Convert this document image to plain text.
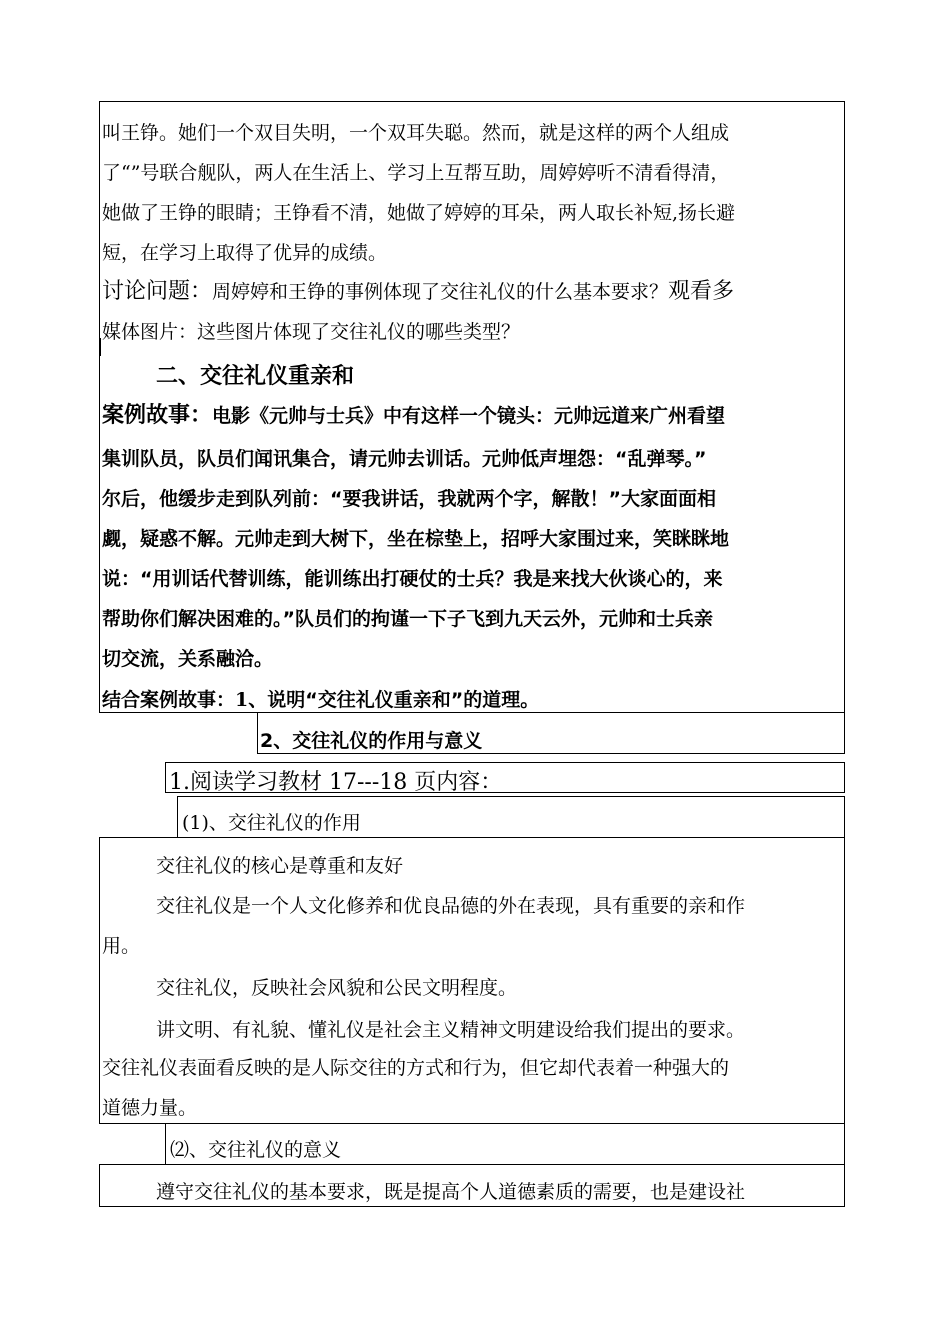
叫王铮。她们一个双目失明，一个双耳失聪。然而，就是这样的两个人组成
了“”号联合舰队，两人在生活上、学习上互帮互助，周婷婷听不清看得清，
她做了王铮的眼睛；王铮看不清，她做了婷婷的耳朵，两人取长补短,扬长避
短，在学习上取得了优异的成绩。
讨论问题：周婷婷和王铮的事例体现了交往礼仪的什么基本要求？观看多
媒体图片：这些图片体现了交往礼仪的哪些类型？
二、交往礼仪重亲和
案例故事：电影《元帅与士兵》中有这样一个镜头：元帅远道来广州看望
集训队员，队员们闻讯集合，请元帅去训话。元帅低声埋怨：“乱弹琴。”
尔后，他缓步走到队列前：“要我讲话，我就两个字，解散！”大家面面相
觑，疑惑不解。元帅走到大树下，坐在棕垫上，招呼大家围过来，笑眯眯地
说：“用训话代替训练，能训练出打硬仗的士兵？我是来找大伙谈心的，来
帮助你们解决困难的。”队员们的拘谨一下子飞到九天云外，元帅和士兵亲
切交流，关系融洽。
结合案例故事：1、说明“交往礼仪重亲和”的道理。
2、交往礼仪的作用与意义
1.阅读学习教材 17---18 页内容：
(1)、交往礼仪的作用
交往礼仪的核心是尊重和友好
交往礼仪是一个人文化修养和优良品德的外在表现，具有重要的亲和作
用。
交往礼仪，反映社会风貌和公民文明程度。
讲文明、有礼貌、懂礼仪是社会主义精神文明建设给我们提出的要求。
交往礼仪表面看反映的是人际交往的方式和行为，但它却代表着一种强大的
道德力量。
⑵、交往礼仪的意义
遵守交往礼仪的基本要求，既是提高个人道德素质的需要，也是建设社
